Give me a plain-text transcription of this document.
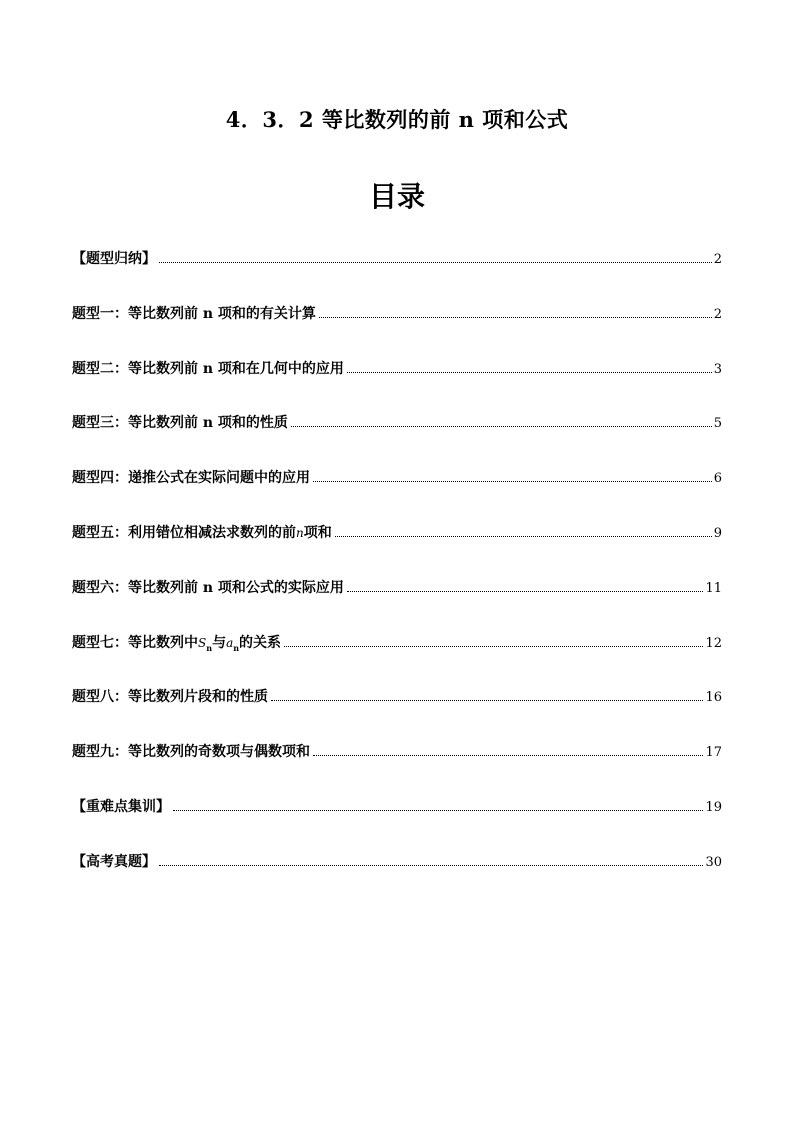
4．3．2 等比数列的前 n 项和公式
目录
【题型归纳】	2
题型一：等比数列前 n 项和的有关计算	2
题型二：等比数列前 n 项和在几何中的应用	3
题型三：等比数列前 n 项和的性质	5
题型四：递推公式在实际问题中的应用	6
题型五：利用错位相减法求数列的前n项和	9
题型六：等比数列前 n 项和公式的实际应用	11
题型七：等比数列中$S_n$与$a_n$的关系	12
题型八：等比数列片段和的性质	16
题型九：等比数列的奇数项与偶数项和	17
【重难点集训】	19
【高考真题】	30
